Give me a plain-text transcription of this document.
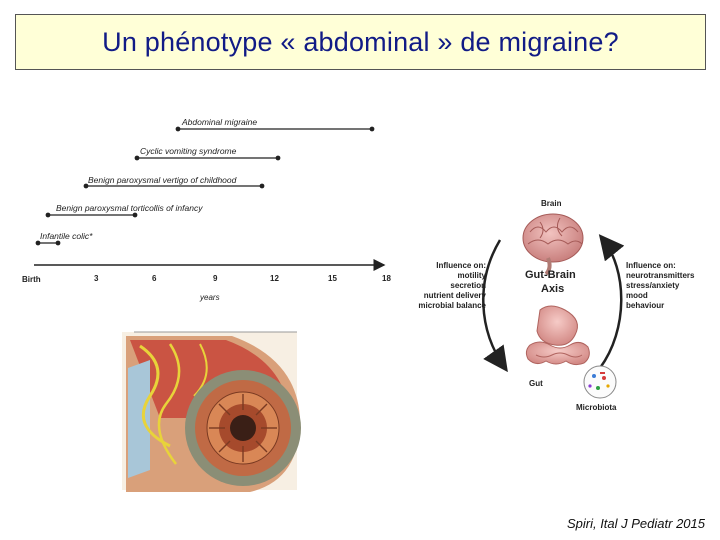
Un phénotype « abdominal » de migraine?
Birth	3	6	9	12	15	18
years
Abdominal migraine
Cyclic vomiting syndrome
Benign paroxysmal vertigo of childhood
Benign paroxysmal torticollis of infancy
Infantile colic*
Brain
Gut-Brain
Axis
Gut
Microbiota
Influence on:
motility
secretion
nutrient delivery
microbial balance
Influence on:
neurotransmitters
stress/anxiety
mood
behaviour
Spiri, Ital J Pediatr 2015
